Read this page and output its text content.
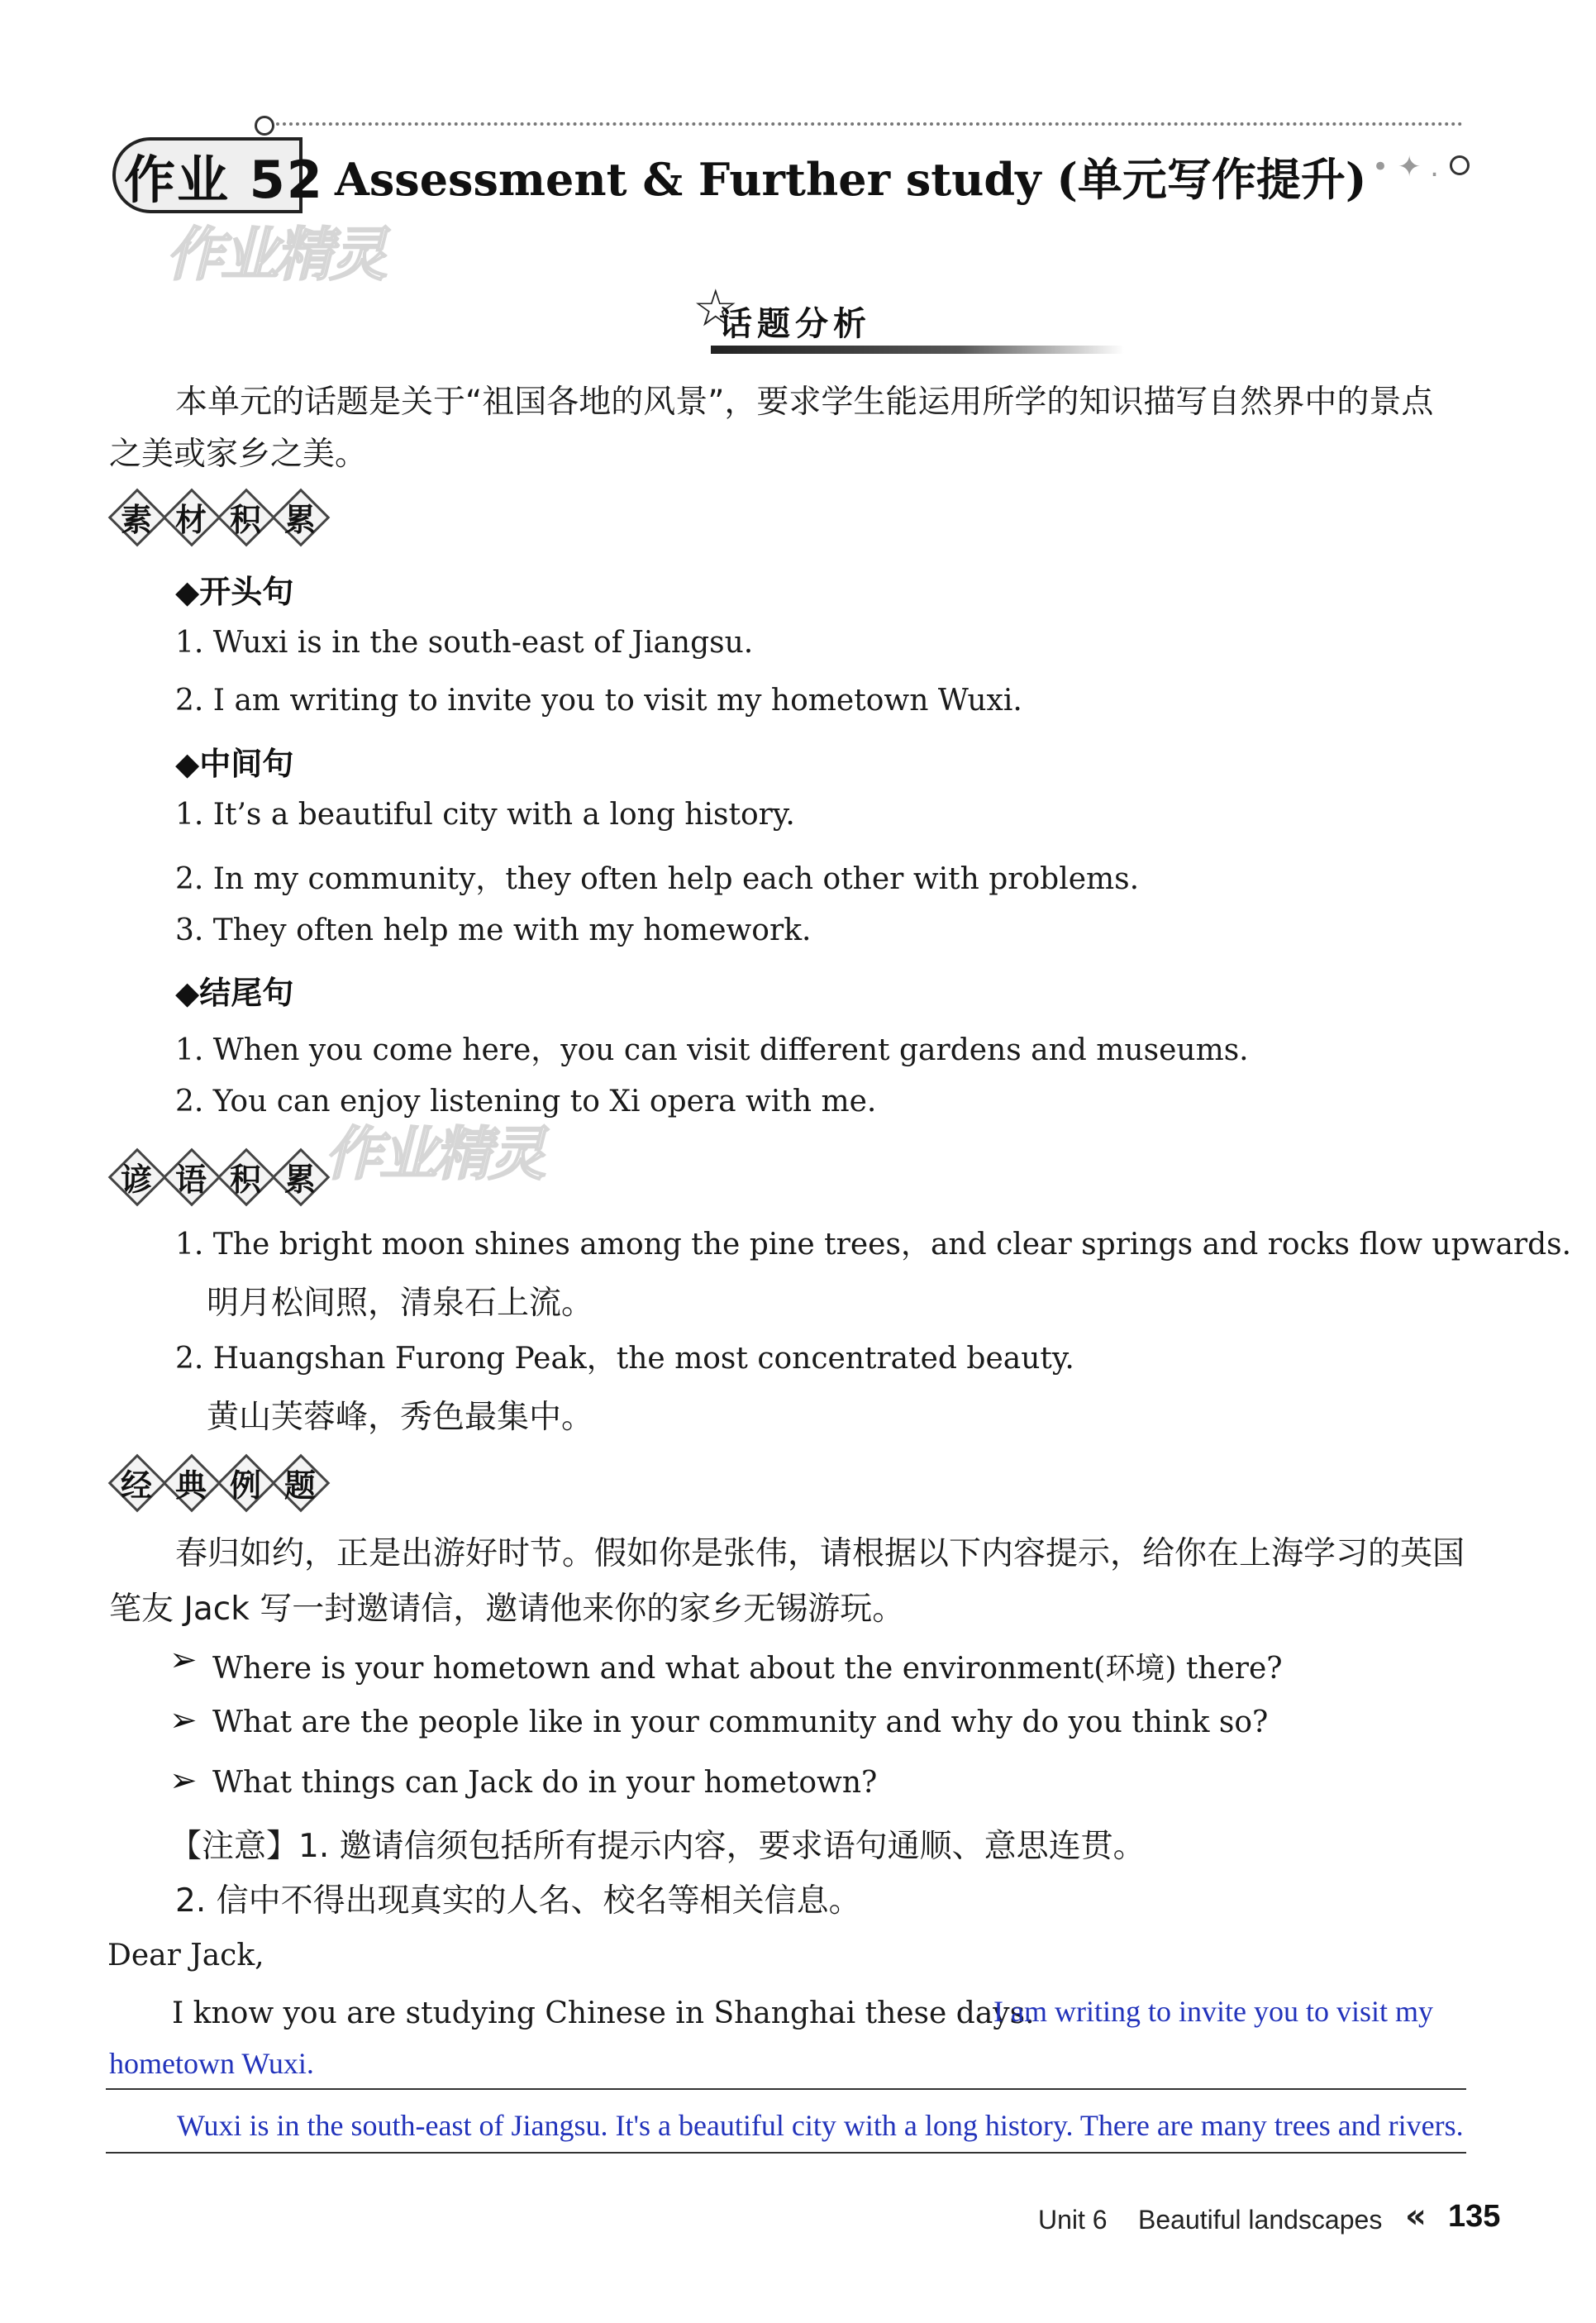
作业 52 Assessment & Further study (单元写作提升) • ✦ .
作业精灵
☆
话题分析
本单元的话题是关于“祖国各地的风景”，要求学生能运用所学的知识描写自然界中的景点
之美或家乡之美。
素 材 积 累
◆开头句
1. Wuxi is in the south-east of Jiangsu.
2. I am writing to invite you to visit my hometown Wuxi.
◆中间句
1. It’s a beautiful city with a long history.
2. In my community，they often help each other with problems.
3. They often help me with my homework.
◆结尾句
1. When you come here，you can visit different gardens and museums.
2. You can enjoy listening to Xi opera with me.
作业精灵
谚 语 积 累
1. The bright moon shines among the pine trees，and clear springs and rocks flow upwards.
明月松间照，清泉石上流。
2. Huangshan Furong Peak，the most concentrated beauty.
黄山芙蓉峰，秀色最集中。
经 典 例 题
春归如约，正是出游好时节。假如你是张伟，请根据以下内容提示，给你在上海学习的英国
笔友 Jack 写一封邀请信，邀请他来你的家乡无锡游玩。
➢ Where is your hometown and what about the environment(环境) there?
➢ What are the people like in your community and why do you think so?
➢ What things can Jack do in your hometown?
【注意】1. 邀请信须包括所有提示内容，要求语句通顺、意思连贯。
2. 信中不得出现真实的人名、校名等相关信息。
Dear Jack,
I know you are studying Chinese in Shanghai these days.
I am writing to invite you to visit my
hometown Wuxi.
Wuxi is in the south-east of Jiangsu. It's a beautiful city with a long history. There are many trees and rivers.
Unit 6 Beautiful landscapes « 135
